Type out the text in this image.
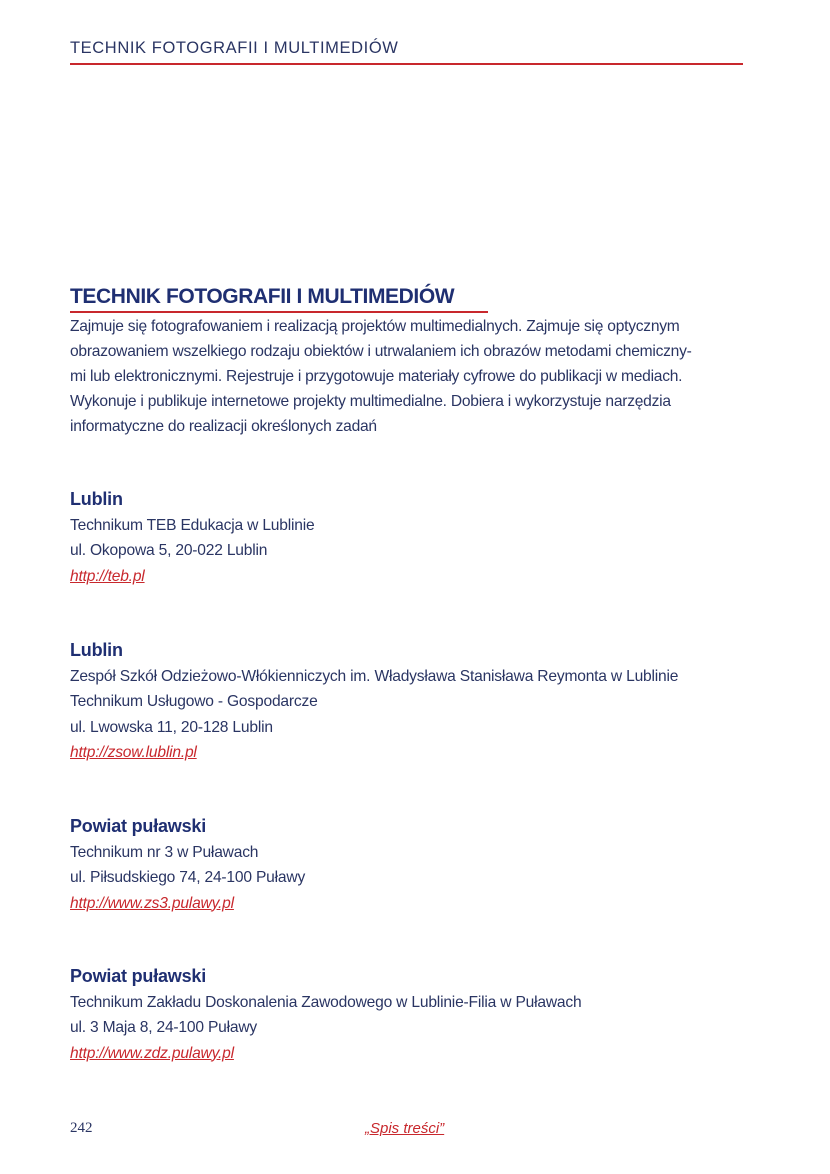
TECHNIK FOTOGRAFII I MULTIMEDIÓW
TECHNIK FOTOGRAFII I MULTIMEDIÓW
Zajmuje się fotografowaniem i realizacją projektów multimedialnych. Zajmuje się optycznym
obrazowaniem wszelkiego rodzaju obiektów i utrwalaniem ich obrazów metodami chemiczny-
mi lub elektronicznymi. Rejestruje i przygotowuje materiały cyfrowe do publikacji w mediach.
Wykonuje i publikuje internetowe projekty multimedialne. Dobiera i wykorzystuje narzędzia
informatyczne do realizacji określonych zadań
Lublin
Technikum TEB Edukacja w Lublinie
ul. Okopowa 5, 20-022 Lublin
http://teb.pl
Lublin
Zespół Szkół Odzieżowo-Włókienniczych im. Władysława Stanisława Reymonta w Lublinie
Technikum Usługowo - Gospodarcze
ul. Lwowska 11, 20-128 Lublin
http://zsow.lublin.pl
Powiat puławski
Technikum nr 3 w Puławach
ul. Piłsudskiego 74, 24-100 Puławy
http://www.zs3.pulawy.pl
Powiat puławski
Technikum Zakładu Doskonalenia Zawodowego w Lublinie-Filia w Puławach
ul. 3 Maja 8, 24-100 Puławy
http://www.zdz.pulawy.pl
242	„Spis treści”
